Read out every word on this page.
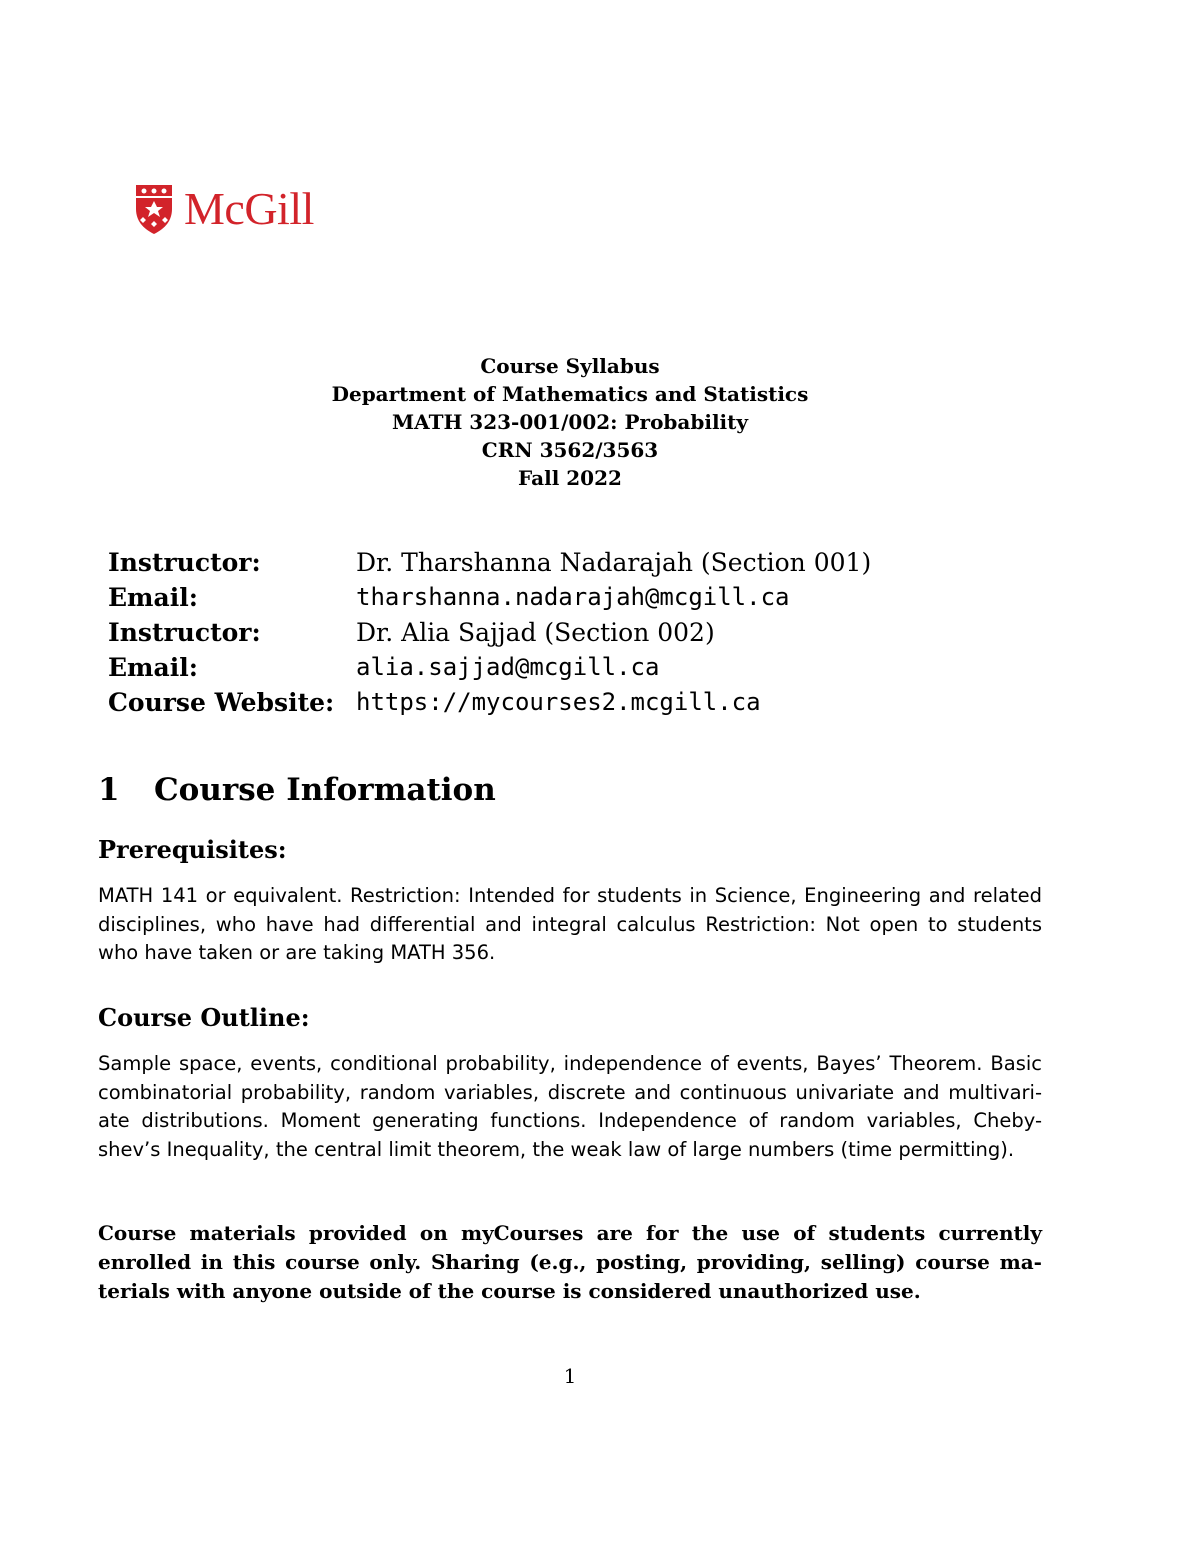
McGill
Course Syllabus
Department of Mathematics and Statistics
MATH 323-001/002: Probability
CRN 3562/3563
Fall 2022
Instructor:	Dr. Tharshanna Nadarajah (Section 001)
Email:	tharshanna.nadarajah@mcgill.ca
Instructor:	Dr. Alia Sajjad (Section 002)
Email:	alia.sajjad@mcgill.ca
Course Website:	https://mycourses2.mcgill.ca
1 Course Information
Prerequisites:

MATH 141 or equivalent. Restriction: Intended for students in Science, Engineering and related disciplines, who have had differential and integral calculus Restriction: Not open to students who have taken or are taking MATH 356.

Course Outline:

Sample space, events, conditional probability, independence of events, Bayes’ Theorem. Basic combinatorial probability, random variables, discrete and continuous univariate and multivari-ate distributions. Moment generating functions. Independence of random variables, Cheby-shev’s Inequality, the central limit theorem, the weak law of large numbers (time permitting).

Course materials provided on myCourses are for the use of students currently enrolled in this course only. Sharing (e.g., posting, providing, selling) course ma-terials with anyone outside of the course is considered unauthorized use.

1
